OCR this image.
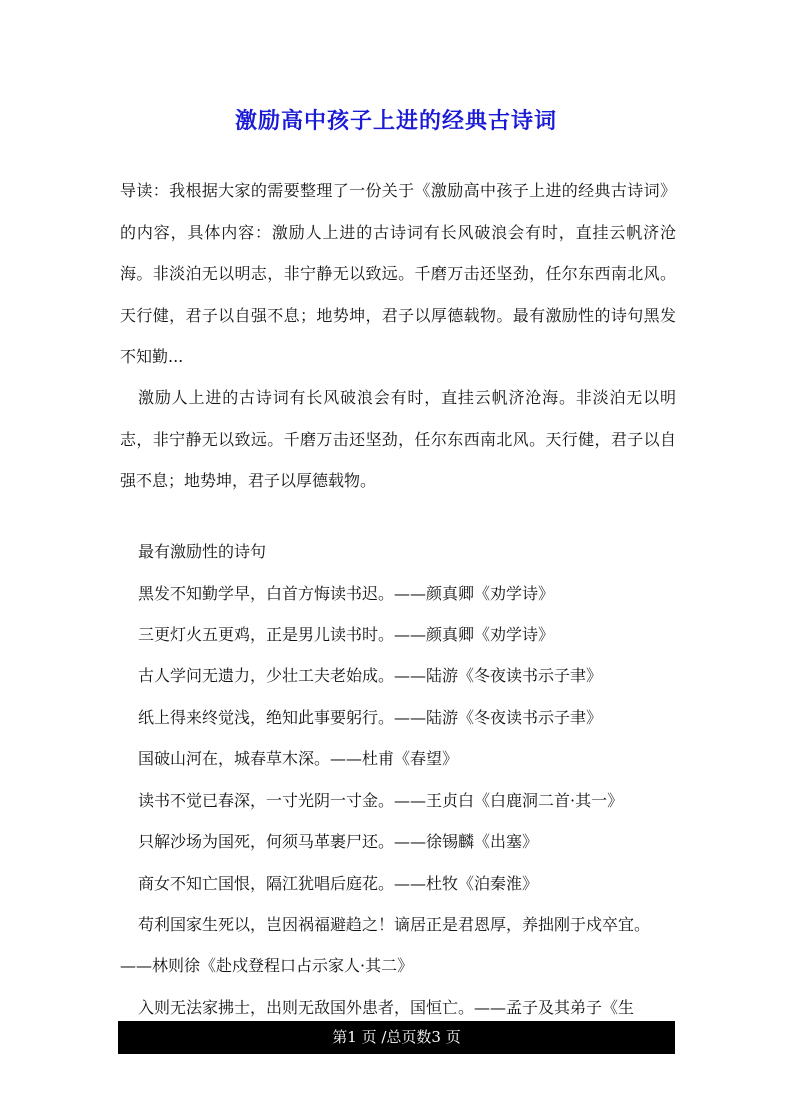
激励高中孩子上进的经典古诗词
导读：我根据大家的需要整理了一份关于《激励高中孩子上进的经典古诗词》的内容，具体内容：激励人上进的古诗词有长风破浪会有时，直挂云帆济沧海。非淡泊无以明志，非宁静无以致远。千磨万击还坚劲，任尔东西南北风。天行健，君子以自强不息；地势坤，君子以厚德载物。最有激励性的诗句黑发不知勤...
激励人上进的古诗词有长风破浪会有时，直挂云帆济沧海。非淡泊无以明志，非宁静无以致远。千磨万击还坚劲，任尔东西南北风。天行健，君子以自强不息；地势坤，君子以厚德载物。
最有激励性的诗句
黑发不知勤学早，白首方悔读书迟。——颜真卿《劝学诗》
三更灯火五更鸡，正是男儿读书时。——颜真卿《劝学诗》
古人学问无遗力，少壮工夫老始成。——陆游《冬夜读书示子聿》
纸上得来终觉浅，绝知此事要躬行。——陆游《冬夜读书示子聿》
国破山河在，城春草木深。——杜甫《春望》
读书不觉已春深，一寸光阴一寸金。——王贞白《白鹿洞二首·其一》
只解沙场为国死，何须马革裹尸还。——徐锡麟《出塞》
商女不知亡国恨，隔江犹唱后庭花。——杜牧《泊秦淮》
苟利国家生死以，岂因祸福避趋之！谪居正是君恩厚，养拙刚于戍卒宜。
——林则徐《赴戍登程口占示家人·其二》
入则无法家拂士，出则无敌国外患者，国恒亡。——孟子及其弟子《生
第1 页 /总页数3 页
